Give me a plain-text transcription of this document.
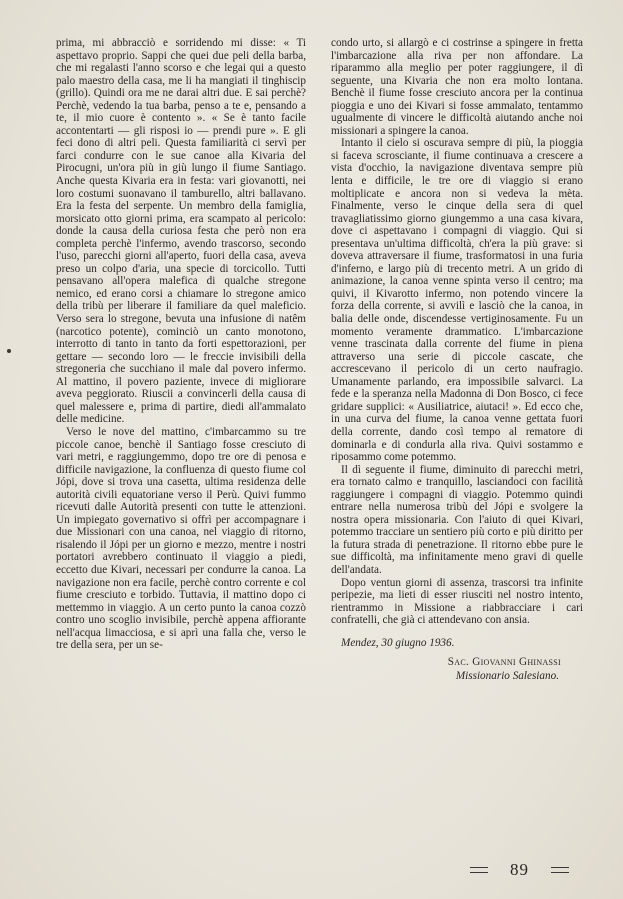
prima, mi abbracciò e sorridendo mi disse: « Ti aspettavo proprio. Sappi che quei due peli della barba, che mi regalasti l'anno scorso e che legai qui a questo palo maestro della casa, me li ha mangiati il tinghiscip (grillo). Quindi ora me ne darai altri due. E sai perchè? Perchè, vedendo la tua barba, penso a te e, pensando a te, il mio cuore è contento ». « Se è tanto facile accontentarti — gli risposi io — prendi pure ». E gli feci dono di altri peli. Questa familiarità ci servì per farci condurre con le sue canoe alla Kivaria del Pirocugni, un'ora più in giù lungo il fiume Santiago. Anche questa Kivaria era in festa: vari giovanotti, nei loro costumi suonavano il tamburello, altri ballavano. Era la festa del serpente. Un membro della famiglia, morsicato otto giorni prima, era scampato al pericolo: donde la causa della curiosa festa che però non era completa perchè l'infermo, avendo trascorso, secondo l'uso, parecchi giorni all'aperto, fuori della casa, aveva preso un colpo d'aria, una specie di torcicollo. Tutti pensavano all'opera malefica di qualche stregone nemico, ed erano corsi a chiamare lo stregone amico della tribù per liberare il familiare da quel maleficio. Verso sera lo stregone, bevuta una infusione di natêm (narcotico potente), cominciò un canto monotono, interrotto di tanto in tanto da forti espettorazioni, per gettare — secondo loro — le freccie invisibili della stregoneria che succhiano il male dal povero infermo. Al mattino, il povero paziente, invece di migliorare aveva peggiorato. Riuscii a convincerli della causa di quel malessere e, prima di partire, diedi all'ammalato delle medicine.

Verso le nove del mattino, c'imbarcammo su tre piccole canoe, benchè il Santiago fosse cresciuto di vari metri, e raggiungemmo, dopo tre ore di penosa e difficile navigazione, la confluenza di questo fiume col Jópi, dove si trova una casetta, ultima residenza delle autorità civili equatoriane verso il Perù. Quivi fummo ricevuti dalle Autorità presenti con tutte le attenzioni. Un impiegato governativo si offrì per accompagnare i due Missionari con una canoa, nel viaggio di ritorno, risalendo il Jópi per un giorno e mezzo, mentre i nostri portatori avrebbero continuato il viaggio a piedi, eccetto due Kivari, necessari per condurre la canoa. La navigazione non era facile, perchè contro corrente e col fiume cresciuto e torbido. Tuttavia, il mattino dopo ci mettemmo in viaggio. A un certo punto la canoa cozzò contro uno scoglio invisibile, perchè appena affiorante nell'acqua limacciosa, e si aprì una falla che, verso le tre della sera, per un se-

condo urto, si allargò e ci costrinse a spingere in fretta l'imbarcazione alla riva per non affondare. La riparammo alla meglio per poter raggiungere, il dì seguente, una Kivaria che non era molto lontana. Benchè il fiume fosse cresciuto ancora per la continua pioggia e uno dei Kivari si fosse ammalato, tentammo ugualmente di vincere le difficoltà aiutando anche noi missionari a spingere la canoa.

Intanto il cielo si oscurava sempre di più, la pioggia si faceva scrosciante, il fiume continuava a crescere a vista d'occhio, la navigazione diventava sempre più lenta e difficile, le tre ore di viaggio si erano moltiplicate e ancora non si vedeva la mèta. Finalmente, verso le cinque della sera di quel travagliatissimo giorno giungemmo a una casa kivara, dove ci aspettavano i compagni di viaggio. Qui si presentava un'ultima difficoltà, ch'era la più grave: si doveva attraversare il fiume, trasformatosi in una furia d'inferno, e largo più di trecento metri. A un grido di animazione, la canoa venne spinta verso il centro; ma quivi, il Kivarotto infermo, non potendo vincere la forza della corrente, si avvilì e lasciò che la canoa, in balia delle onde, discendesse vertiginosamente. Fu un momento veramente drammatico. L'imbarcazione venne trascinata dalla corrente del fiume in piena attraverso una serie di piccole cascate, che accrescevano il pericolo di un certo naufragio. Umanamente parlando, era impossibile salvarci. La fede e la speranza nella Madonna di Don Bosco, ci fece gridare supplici: « Ausiliatrice, aiutaci! ». Ed ecco che, in una curva del fiume, la canoa venne gettata fuori della corrente, dando così tempo al rematore di dominarla e di condurla alla riva. Quivi sostammo e riposammo come potemmo.

Il dì seguente il fiume, diminuito di parecchi metri, era tornato calmo e tranquillo, lasciandoci con facilità raggiungere i compagni di viaggio. Potemmo quindi entrare nella numerosa tribù del Jópi e svolgere la nostra opera missionaria. Con l'aiuto di quei Kivari, potemmo tracciare un sentiero più corto e più diritto per la futura strada di penetrazione. Il ritorno ebbe pure le sue difficoltà, ma infinitamente meno gravi di quelle dell'andata.

Dopo ventun giorni di assenza, trascorsi tra infinite peripezie, ma lieti di esser riusciti nel nostro intento, rientrammo in Missione a riabbracciare i cari confratelli, che già ci attendevano con ansia.

Mendez, 30 giugno 1936.
Sac. Giovanni Ghinassi
Missionario Salesiano.
89
